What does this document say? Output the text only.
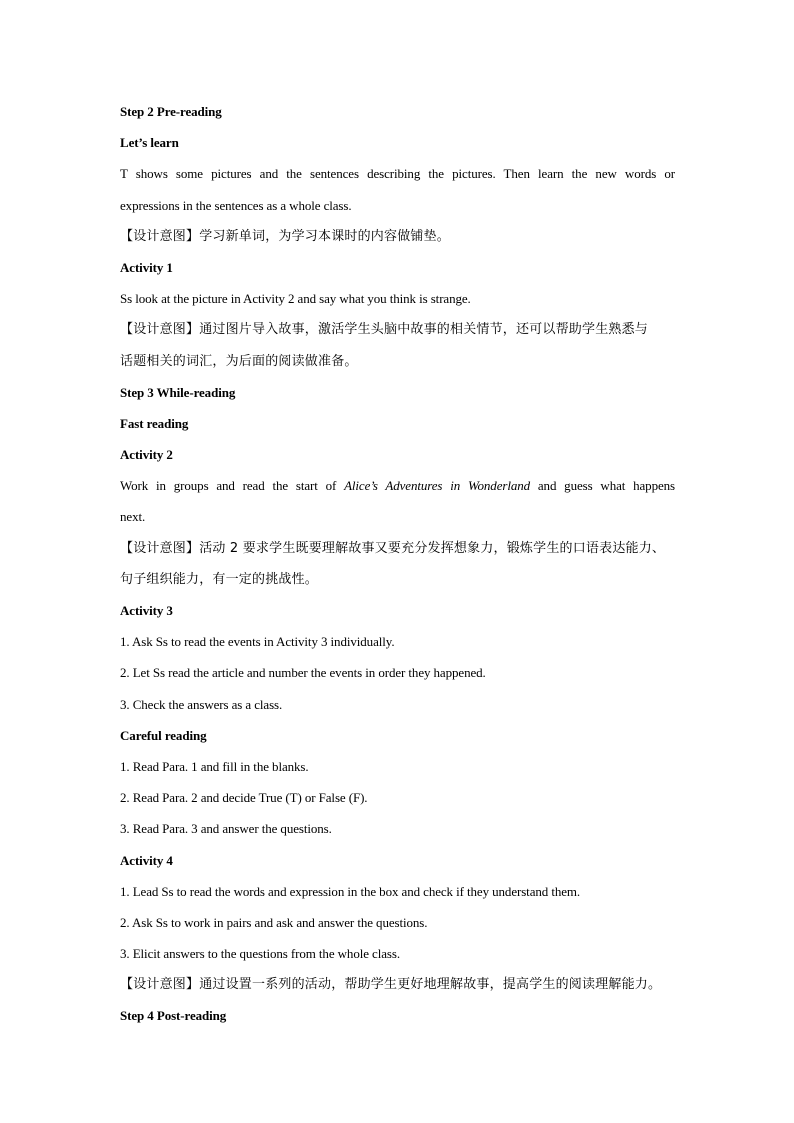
Step 2 Pre-reading
Let’s learn
T shows some pictures and the sentences describing the pictures. Then learn the new words or
expressions in the sentences as a whole class.
【设计意图】学习新单词，为学习本课时的内容做铺垫。
Activity 1
Ss look at the picture in Activity 2 and say what you think is strange.
【设计意图】通过图片导入故事，激活学生头脑中故事的相关情节，还可以帮助学生熟悉与
话题相关的词汇，为后面的阅读做准备。
Step 3 While-reading
Fast reading
Activity 2
Work in groups and read the start of Alice’s Adventures in Wonderland and guess what happens
next.
【设计意图】活动 2 要求学生既要理解故事又要充分发挥想象力，锻炼学生的口语表达能力、
句子组织能力，有一定的挑战性。
Activity 3
1. Ask Ss to read the events in Activity 3 individually.
2. Let Ss read the article and number the events in order they happened.
3. Check the answers as a class.
Careful reading
1. Read Para. 1 and fill in the blanks.
2. Read Para. 2 and decide True (T) or False (F).
3. Read Para. 3 and answer the questions.
Activity 4
1. Lead Ss to read the words and expression in the box and check if they understand them.
2. Ask Ss to work in pairs and ask and answer the questions.
3. Elicit answers to the questions from the whole class.
【设计意图】通过设置一系列的活动，帮助学生更好地理解故事，提高学生的阅读理解能力。
Step 4 Post-reading
